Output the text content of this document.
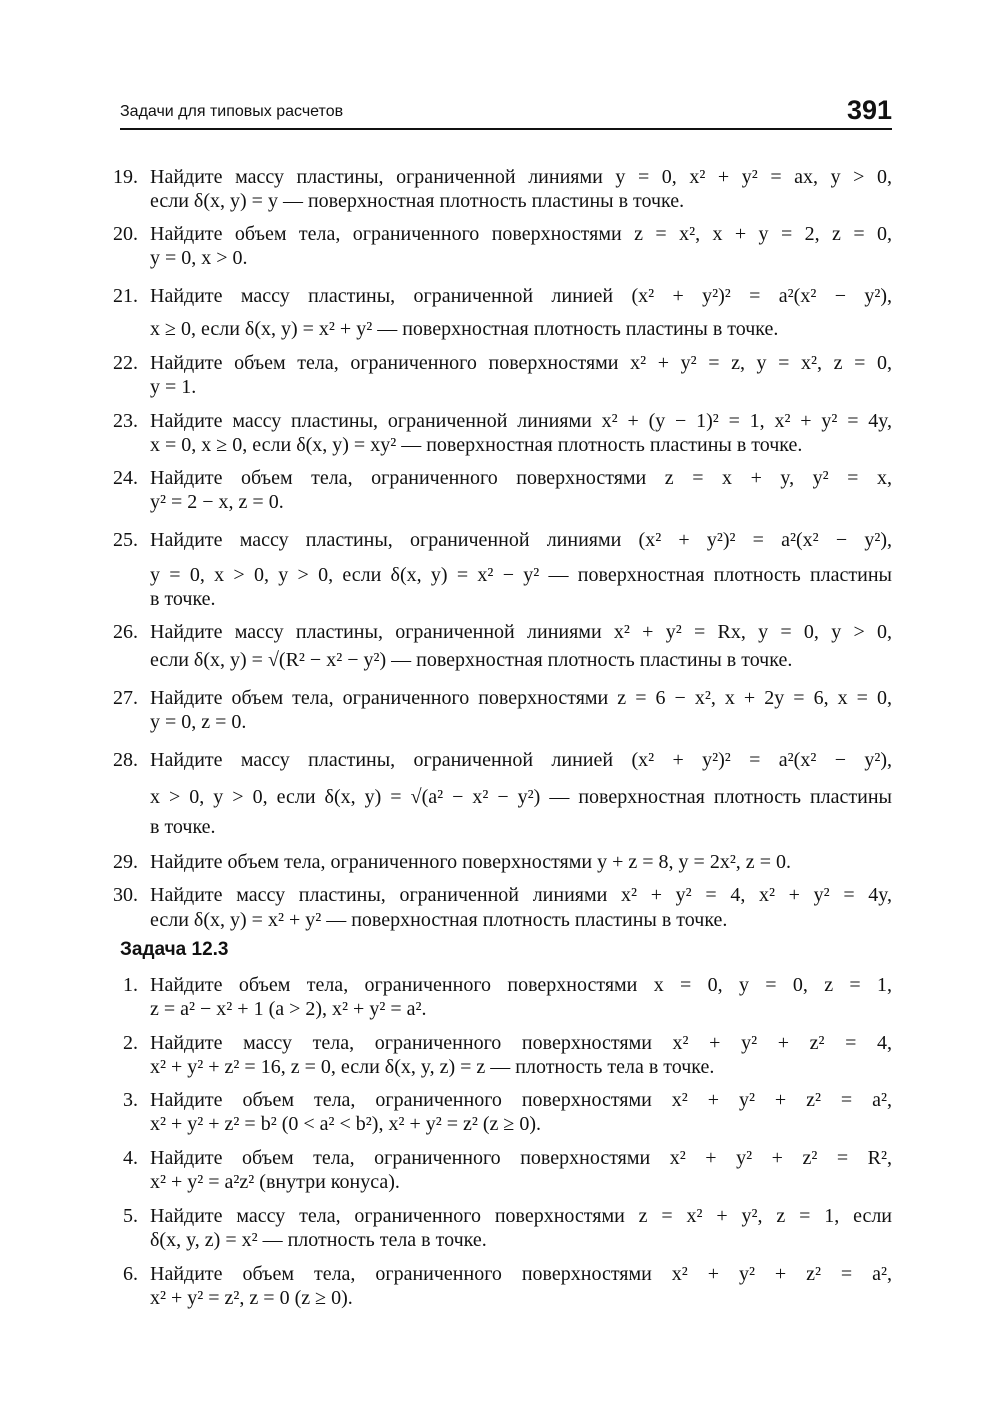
Задачи для типовых расчетов	391
19. Найдите массу пластины, ограниченной линиями y = 0, x² + y² = ax, y > 0,
если δ(x, y) = y — поверхностная плотность пластины в точке.
20. Найдите объем тела, ограниченного поверхностями z = x², x + y = 2, z = 0,
y = 0, x > 0.
21. Найдите массу пластины, ограниченной линией (x² + y²)² = a²(x² − y²),
x ≥ 0, если δ(x, y) = x² + y² — поверхностная плотность пластины в точке.
22. Найдите объем тела, ограниченного поверхностями x² + y² = z, y = x², z = 0,
y = 1.
23. Найдите массу пластины, ограниченной линиями x² + (y − 1)² = 1, x² + y² = 4y,
x = 0, x ≥ 0, если δ(x, y) = xy² — поверхностная плотность пластины в точке.
24. Найдите объем тела, ограниченного поверхностями z = x + y, y² = x,
y² = 2 − x, z = 0.
25. Найдите массу пластины, ограниченной линиями (x² + y²)² = a²(x² − y²),
y = 0, x > 0, y > 0, если δ(x, y) = x² − y² — поверхностная плотность пластины
в точке.
26. Найдите массу пластины, ограниченной линиями x² + y² = Rx, y = 0, y > 0,
если δ(x, y) = √(R² − x² − y²) — поверхностная плотность пластины в точке.
27. Найдите объем тела, ограниченного поверхностями z = 6 − x², x + 2y = 6, x = 0,
y = 0, z = 0.
28. Найдите массу пластины, ограниченной линией (x² + y²)² = a²(x² − y²),
x > 0, y > 0, если δ(x, y) = √(a² − x² − y²) — поверхностная плотность пластины
в точке.
29. Найдите объем тела, ограниченного поверхностями y + z = 8, y = 2x², z = 0.
30. Найдите массу пластины, ограниченной линиями x² + y² = 4, x² + y² = 4y,
если δ(x, y) = x² + y² — поверхностная плотность пластины в точке.
Задача 12.3
1. Найдите объем тела, ограниченного поверхностями x = 0, y = 0, z = 1,
z = a² − x² + 1 (a > 2), x² + y² = a².
2. Найдите массу тела, ограниченного поверхностями x² + y² + z² = 4,
x² + y² + z² = 16, z = 0, если δ(x, y, z) = z — плотность тела в точке.
3. Найдите объем тела, ограниченного поверхностями x² + y² + z² = a²,
x² + y² + z² = b² (0 < a² < b²), x² + y² = z² (z ≥ 0).
4. Найдите объем тела, ограниченного поверхностями x² + y² + z² = R²,
x² + y² = a²z² (внутри конуса).
5. Найдите массу тела, ограниченного поверхностями z = x² + y², z = 1, если
δ(x, y, z) = x² — плотность тела в точке.
6. Найдите объем тела, ограниченного поверхностями x² + y² + z² = a²,
x² + y² = z², z = 0 (z ≥ 0).
